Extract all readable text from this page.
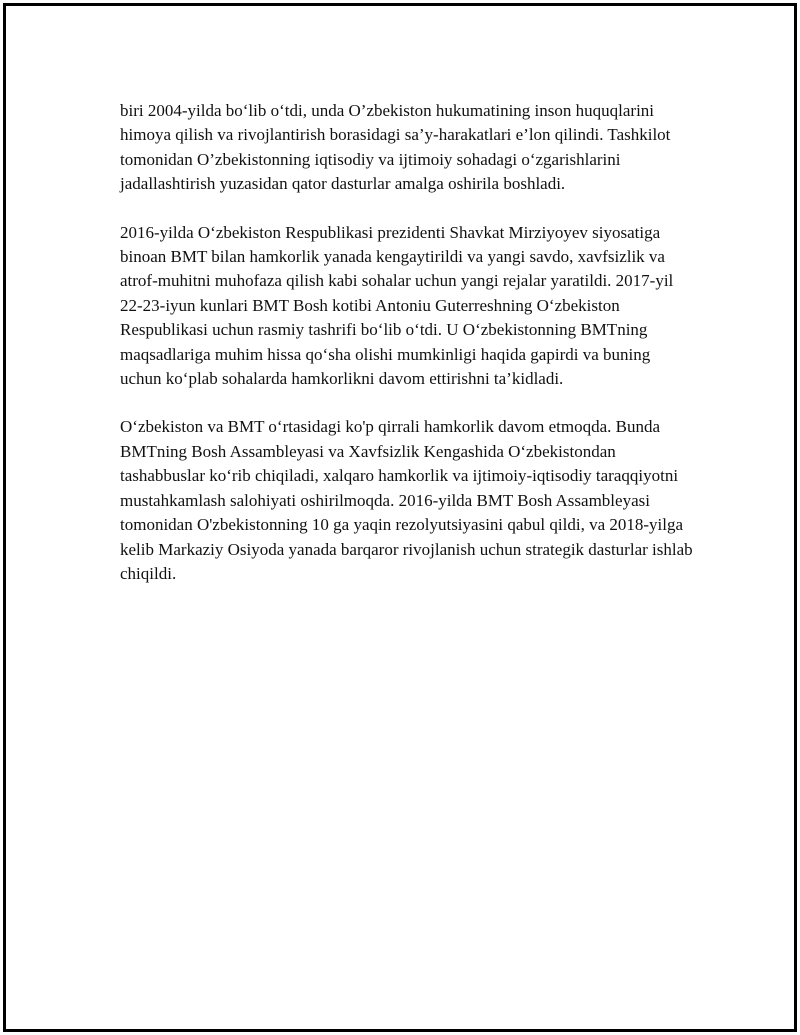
biri 2004-yilda bo‘lib o‘tdi, unda O’zbekiston hukumatining inson huquqlarini himoya qilish va rivojlantirish borasidagi sa’y-harakatlari e’lon qilindi. Tashkilot tomonidan O’zbekistonning iqtisodiy va ijtimoiy sohadagi o‘zgarishlarini jadallashtirish yuzasidan qator dasturlar amalga oshirila boshladi.

2016-yilda O‘zbekiston Respublikasi prezidenti Shavkat Mirziyoyev siyosatiga binoan BMT bilan hamkorlik yanada kengaytirildi va yangi savdo, xavfsizlik va atrof-muhitni muhofaza qilish kabi sohalar uchun yangi rejalar yaratildi. 2017-yil 22-23-iyun kunlari BMT Bosh kotibi Antoniu Guterreshning O‘zbekiston Respublikasi uchun rasmiy tashrifi bo‘lib o‘tdi. U O‘zbekistonning BMTning maqsadlariga muhim hissa qo‘sha olishi mumkinligi haqida gapirdi va buning uchun ko‘plab sohalarda hamkorlikni davom ettirishni ta’kidladi.

O‘zbekiston va BMT o‘rtasidagi ko'p qirrali hamkorlik davom etmoqda. Bunda BMTning Bosh Assambleyasi va Xavfsizlik Kengashida O‘zbekistondan tashabbuslar ko‘rib chiqiladi, xalqaro hamkorlik va ijtimoiy-iqtisodiy taraqqiyotni mustahkamlash salohiyati oshirilmoqda. 2016-yilda BMT Bosh Assambleyasi tomonidan O'zbekistonning 10 ga yaqin rezolyutsiyasini qabul qildi, va 2018-yilga kelib Markaziy Osiyoda yanada barqaror rivojlanish uchun strategik dasturlar ishlab chiqildi.
